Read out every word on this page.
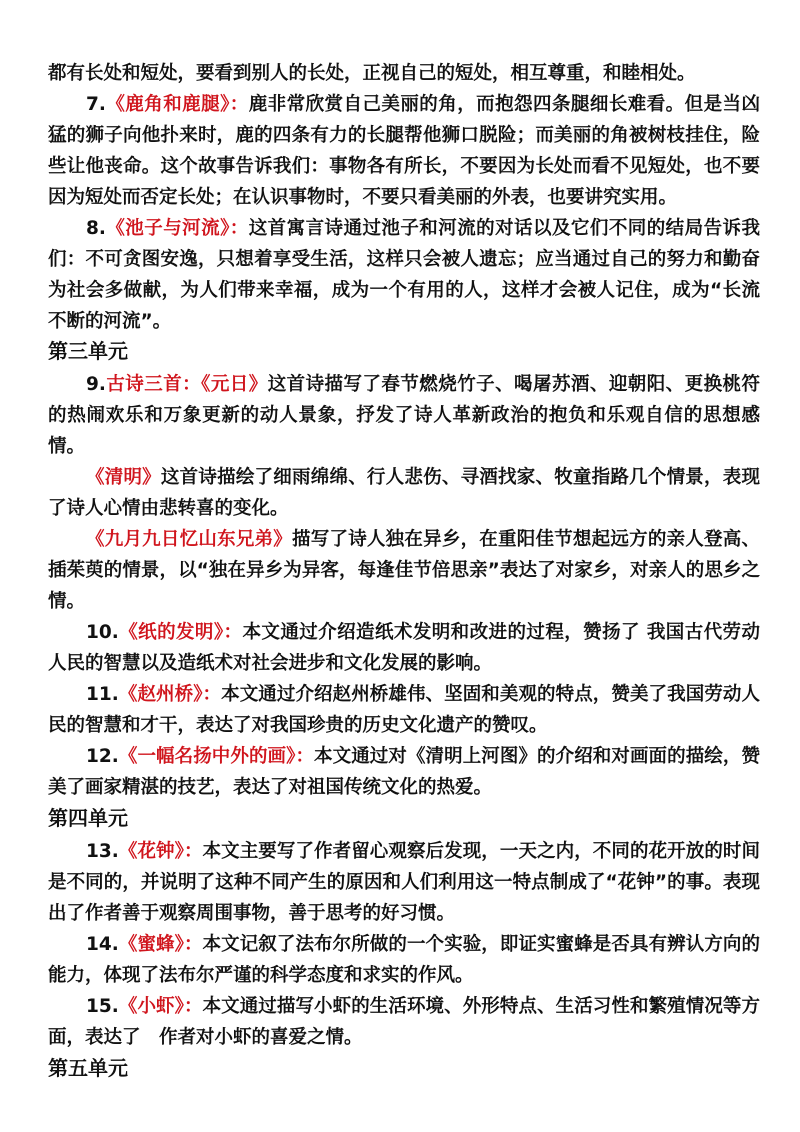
都有长处和短处，要看到别人的长处，正视自己的短处，相互尊重，和睦相处。

7.《鹿角和鹿腿》：鹿非常欣赏自己美丽的角，而抱怨四条腿细长难看。但是当凶猛的狮子向他扑来时，鹿的四条有力的长腿帮他狮口脱险；而美丽的角被树枝挂住，险些让他丧命。这个故事告诉我们：事物各有所长，不要因为长处而看不见短处，也不要因为短处而否定长处；在认识事物时，不要只看美丽的外表，也要讲究实用。

8.《池子与河流》：这首寓言诗通过池子和河流的对话以及它们不同的结局告诉我们：不可贪图安逸，只想着享受生活，这样只会被人遗忘；应当通过自己的努力和勤奋为社会多做献，为人们带来幸福，成为一个有用的人，这样才会被人记住，成为“长流不断的河流”。

第三单元

9.古诗三首：《元日》这首诗描写了春节燃烧竹子、喝屠苏酒、迎朝阳、更换桃符的热闹欢乐和万象更新的动人景象，抒发了诗人革新政治的抱负和乐观自信的思想感情。

《清明》这首诗描绘了细雨绵绵、行人悲伤、寻酒找家、牧童指路几个情景，表现了诗人心情由悲转喜的变化。

《九月九日忆山东兄弟》描写了诗人独在异乡，在重阳佳节想起远方的亲人登高、插茱萸的情景，以“独在异乡为异客，每逢佳节倍思亲”表达了对家乡，对亲人的思乡之情。

10.《纸的发明》：本文通过介绍造纸术发明和改进的过程，赞扬了 我国古代劳动人民的智慧以及造纸术对社会进步和文化发展的影响。

11.《赵州桥》：本文通过介绍赵州桥雄伟、坚固和美观的特点，赞美了我国劳动人民的智慧和才干，表达了对我国珍贵的历史文化遗产的赞叹。

12.《一幅名扬中外的画》：本文通过对《清明上河图》的介绍和对画面的描绘，赞美了画家精湛的技艺，表达了对祖国传统文化的热爱。

第四单元

13.《花钟》：本文主要写了作者留心观察后发现，一天之内，不同的花开放的时间是不同的，并说明了这种不同产生的原因和人们利用这一特点制成了“花钟”的事。表现出了作者善于观察周围事物，善于思考的好习惯。

14.《蜜蜂》：本文记叙了法布尔所做的一个实验，即证实蜜蜂是否具有辨认方向的能力，体现了法布尔严谨的科学态度和求实的作风。

15.《小虾》：本文通过描写小虾的生活环境、外形特点、生活习性和繁殖情况等方面，表达了　作者对小虾的喜爱之情。

第五单元
